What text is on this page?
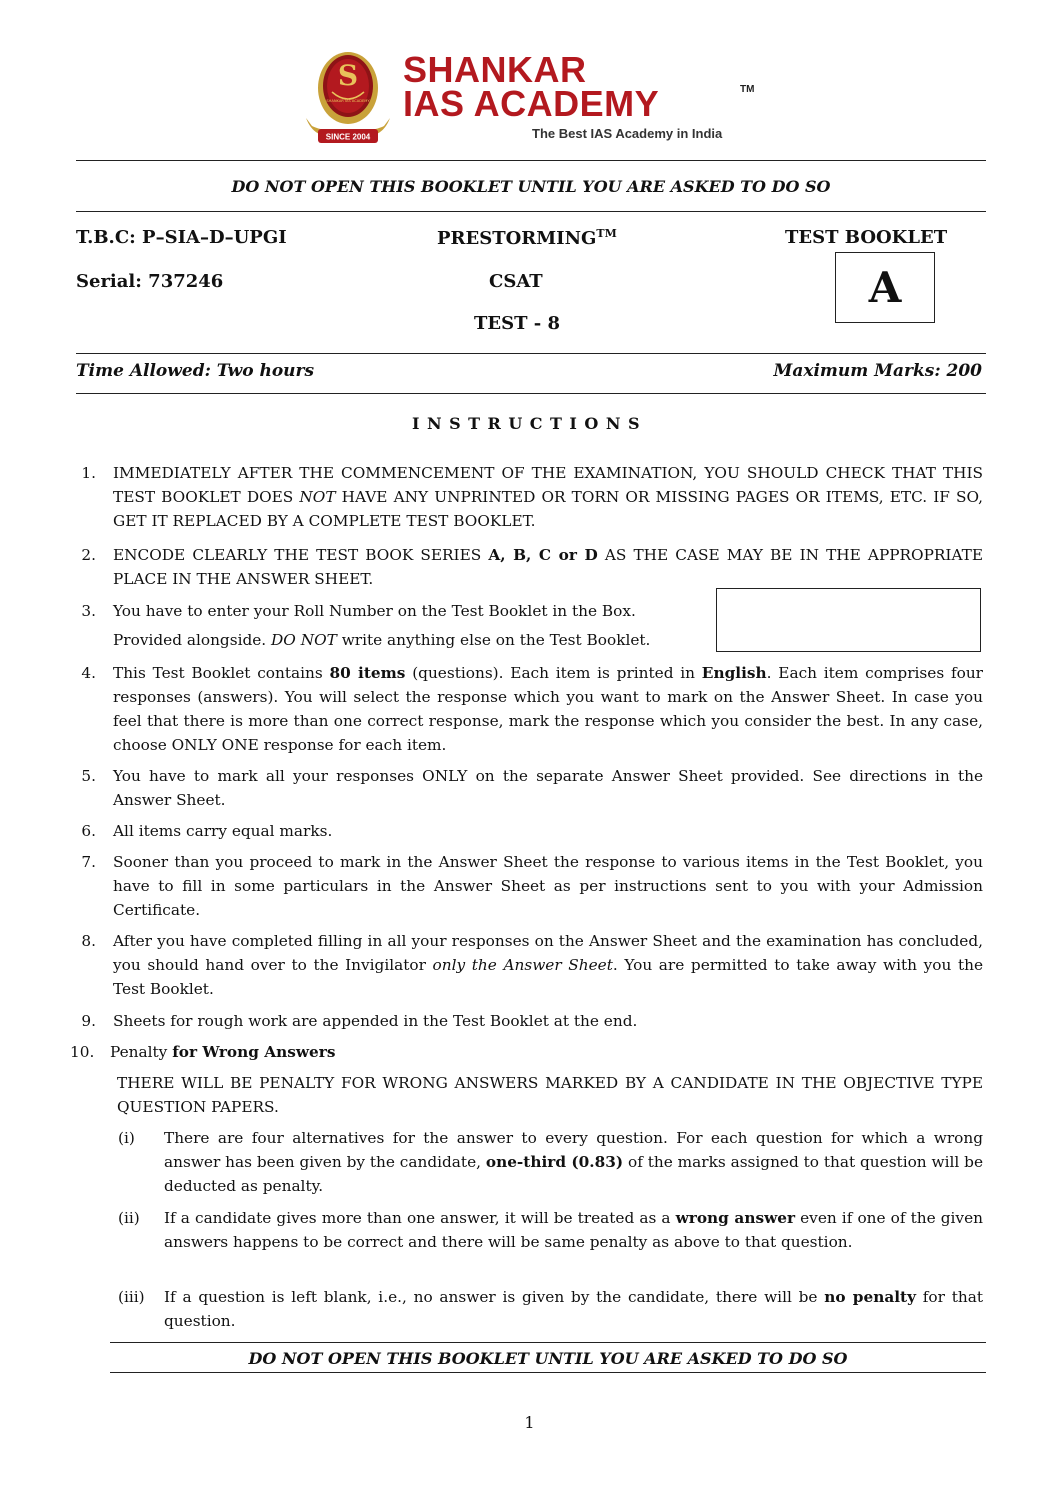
S
SHANKAR IAS ACADEMY
SINCE 2004
SHANKAR
IAS ACADEMY	TM
The Best IAS Academy in India
DO NOT OPEN THIS BOOKLET UNTIL YOU ARE ASKED TO DO SO
T.B.C: P–SIA–D–UPGI
Serial: 737246
PRESTORMING™
CSAT
TEST - 8
TEST BOOKLET
A
Time Allowed: Two hours	Maximum Marks: 200
INSTRUCTIONS
1. IMMEDIATELY AFTER THE COMMENCEMENT OF THE EXAMINATION, YOU SHOULD CHECK THAT THIS TEST BOOKLET DOES NOT HAVE ANY UNPRINTED OR TORN OR MISSING PAGES OR ITEMS, ETC. IF SO, GET IT REPLACED BY A COMPLETE TEST BOOKLET.
2. ENCODE CLEARLY THE TEST BOOK SERIES A, B, C or D AS THE CASE MAY BE IN THE APPROPRIATE PLACE IN THE ANSWER SHEET.
3. You have to enter your Roll Number on the Test Booklet in the Box.
Provided alongside. DO NOT write anything else on the Test Booklet.
4. This Test Booklet contains 80 items (questions). Each item is printed in English. Each item comprises four responses (answers). You will select the response which you want to mark on the Answer Sheet. In case you feel that there is more than one correct response, mark the response which you consider the best. In any case, choose ONLY ONE response for each item.
5. You have to mark all your responses ONLY on the separate Answer Sheet provided. See directions in the Answer Sheet.
6. All items carry equal marks.
7. Sooner than you proceed to mark in the Answer Sheet the response to various items in the Test Booklet, you have to fill in some particulars in the Answer Sheet as per instructions sent to you with your Admission Certificate.
8. After you have completed filling in all your responses on the Answer Sheet and the examination has concluded, you should hand over to the Invigilator only the Answer Sheet. You are permitted to take away with you the Test Booklet.
9. Sheets for rough work are appended in the Test Booklet at the end.
10.	Penalty for Wrong Answers
THERE WILL BE PENALTY FOR WRONG ANSWERS MARKED BY A CANDIDATE IN THE OBJECTIVE TYPE QUESTION PAPERS.
(i)	There are four alternatives for the answer to every question. For each question for which a wrong answer has been given by the candidate, one-third (0.83) of the marks assigned to that question will be deducted as penalty.
(ii)	If a candidate gives more than one answer, it will be treated as a wrong answer even if one of the given answers happens to be correct and there will be same penalty as above to that question.
(iii)	If a question is left blank, i.e., no answer is given by the candidate, there will be no penalty for that question.
DO NOT OPEN THIS BOOKLET UNTIL YOU ARE ASKED TO DO SO
1
